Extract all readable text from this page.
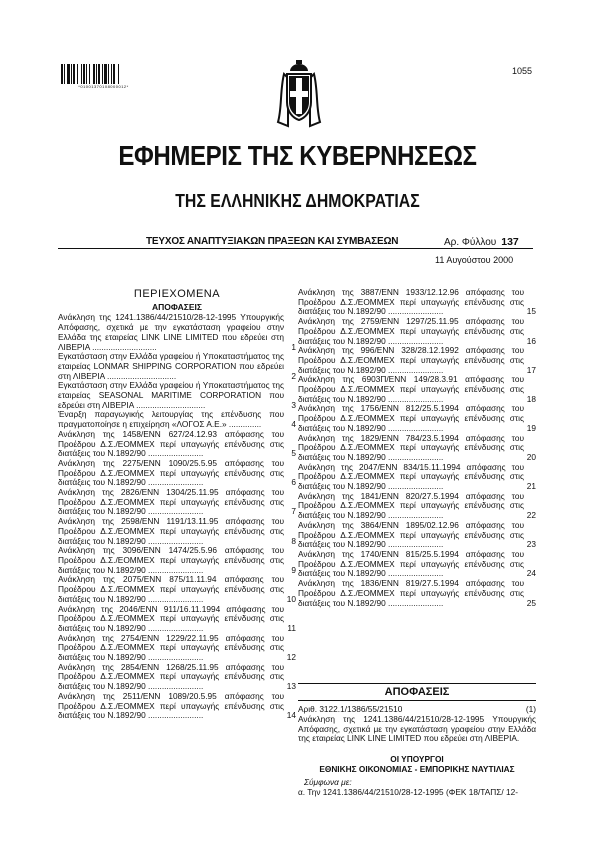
*01001370108000012*
1055
ΕΦΗΜΕΡΙΣ ΤΗΣ ΚΥΒΕΡΝΗΣΕΩΣ
ΤΗΣ ΕΛΛΗΝΙΚΗΣ ΔΗΜΟΚΡΑΤΙΑΣ
ΤΕΥΧΟΣ ΑΝΑΠΤΥΞΙΑΚΩΝ ΠΡΑΞΕΩΝ ΚΑΙ ΣΥΜΒΑΣΕΩΝ	Αρ. Φύλλου 137
11 Αυγούστου 2000
ΠΕΡΙΕΧΟΜΕΝΑ
ΑΠΟΦΑΣΕΙΣ
Ανάκληση της 1241.1386/44/21510/28-12-1995 Υπουργικής Απόφασης, σχετικά με την εγκατάσταση γραφείου στην Ελλάδα της εταιρείας LINK LINE LIMITED που εδρεύει στη ΛΙΒΕΡΙΑ ............................	1
Εγκατάσταση στην Ελλάδα γραφείου ή Υποκαταστήματος της εταιρείας LONMAR SHIPPING CORPORATION που εδρεύει στη ΛΙΒΕΡΙΑ ..............................	2
Εγκατάσταση στην Ελλάδα γραφείου ή Υποκαταστήματος της εταιρείας SEASONAL MARITIME CORPORATION που εδρεύει στη ΛΙΒΕΡΙΑ ..............................	3
Έναρξη παραγωγικής λειτουργίας της επένδυσης που πραγματοποίησε η επιχείρηση «ΛΟΓΟΣ Α.Ε.» ..............	4
Ανάκληση της 1458/ΕΝΝ 627/24.12.93 απόφασης του Προέδρου Δ.Σ./ΕΟΜΜΕΧ περί υπαγωγής επένδυσης στις διατάξεις του Ν.1892/90 ........................	5
Ανάκληση της 2275/ΕΝΝ 1090/25.5.95 απόφασης του Προέδρου Δ.Σ./ΕΟΜΜΕΧ περί υπαγωγής επένδυσης στις διατάξεις του Ν.1892/90 ........................	6
Ανάκληση της 2826/ΕΝΝ 1304/25.11.95 απόφασης του Προέδρου Δ.Σ./ΕΟΜΜΕΧ περί υπαγωγής επένδυσης στις διατάξεις του Ν.1892/90 ........................	7
Ανάκληση της 2598/ΕΝΝ 1191/13.11.95 απόφασης του Προέδρου Δ.Σ./ΕΟΜΜΕΧ περί υπαγωγής επένδυσης στις διατάξεις του Ν.1892/90 ........................	8
Ανάκληση της 3096/ΕΝΝ 1474/25.5.96 απόφασης του Προέδρου Δ.Σ./ΕΟΜΜΕΧ περί υπαγωγής επένδυσης στις διατάξεις του Ν.1892/90 ........................	9
Ανάκληση της 2075/ΕΝΝ 875/11.11.94 απόφασης του Προέδρου Δ.Σ./ΕΟΜΜΕΧ περί υπαγωγής επένδυσης στις διατάξεις του Ν.1892/90 ........................	10
Ανάκληση της 2046/ΕΝΝ 911/16.11.1994 απόφασης του Προέδρου Δ.Σ./ΕΟΜΜΕΧ περί υπαγωγής επένδυσης στις διατάξεις του Ν.1892/90 ........................	11
Ανάκληση της 2754/ΕΝΝ 1229/22.11.95 απόφασης του Προέδρου Δ.Σ./ΕΟΜΜΕΧ περί υπαγωγής επένδυσης στις διατάξεις του Ν.1892/90 ........................	12
Ανάκληση της 2854/ΕΝΝ 1268/25.11.95 απόφασης του Προέδρου Δ.Σ./ΕΟΜΜΕΧ περί υπαγωγής επένδυσης στις διατάξεις του Ν.1892/90 ........................	13
Ανάκληση της 2511/ΕΝΝ 1089/20.5.95 απόφασης του Προέδρου Δ.Σ./ΕΟΜΜΕΧ περί υπαγωγής επένδυσης στις διατάξεις του Ν.1892/90 ........................	14
Ανάκληση της 3887/ΕΝΝ 1933/12.12.96 απόφασης του Προέδρου Δ.Σ./ΕΟΜΜΕΧ περί υπαγωγής επένδυσης στις διατάξεις του Ν.1892/90 ........................	15
Ανάκληση της 2759/ΕΝΝ 1297/25.11.95 απόφασης του Προέδρου Δ.Σ./ΕΟΜΜΕΧ περί υπαγωγής επένδυσης στις διατάξεις του Ν.1892/90 ........................	16
Ανάκληση της 996/ΕΝΝ 328/28.12.1992 απόφασης του Προέδρου Δ.Σ./ΕΟΜΜΕΧ περί υπαγωγής επένδυσης στις διατάξεις του Ν.1892/90 ........................	17
Ανάκληση της 6903Π/ΕΝΝ 149/28.3.91 απόφασης του Προέδρου Δ.Σ./ΕΟΜΜΕΧ περί υπαγωγής επένδυσης στις διατάξεις του Ν.1892/90 ........................	18
Ανάκληση της 1756/ΕΝΝ 812/25.5.1994 απόφασης του Προέδρου Δ.Σ./ΕΟΜΜΕΧ περί υπαγωγής επένδυσης στις διατάξεις του Ν.1892/90 ........................	19
Ανάκληση της 1829/ΕΝΝ 784/23.5.1994 απόφασης του Προέδρου Δ.Σ./ΕΟΜΜΕΧ περί υπαγωγής επένδυσης στις διατάξεις του Ν.1892/90 ........................	20
Ανάκληση της 2047/ΕΝΝ 834/15.11.1994 απόφασης του Προέδρου Δ.Σ./ΕΟΜΜΕΧ περί υπαγωγής επένδυσης στις διατάξεις του Ν.1892/90 ........................	21
Ανάκληση της 1841/ΕΝΝ 820/27.5.1994 απόφασης του Προέδρου Δ.Σ./ΕΟΜΜΕΧ περί υπαγωγής επένδυσης στις διατάξεις του Ν.1892/90 ........................	22
Ανάκληση της 3864/ΕΝΝ 1895/02.12.96 απόφασης του Προέδρου Δ.Σ./ΕΟΜΜΕΧ περί υπαγωγής επένδυσης στις διατάξεις του Ν.1892/90 ........................	23
Ανάκληση της 1740/ΕΝΝ 815/25.5.1994 απόφασης του Προέδρου Δ.Σ./ΕΟΜΜΕΧ περί υπαγωγής επένδυσης στις διατάξεις του Ν.1892/90 ........................	24
Ανάκληση της 1836/ΕΝΝ 819/27.5.1994 απόφασης του Προέδρου Δ.Σ./ΕΟΜΜΕΧ περί υπαγωγής επένδυσης στις διατάξεις του Ν.1892/90 ........................	25
ΑΠΟΦΑΣΕΙΣ
Αριθ. 3122.1/1386/55/21510	(1)
Ανάκληση της 1241.1386/44/21510/28-12-1995 Υπουργικής Απόφασης, σχετικά με την εγκατάσταση γραφείου στην Ελλάδα της εταιρείας LINK LINE LIMITED που εδρεύει στη ΛΙΒΕΡΙΑ.
ΟΙ ΥΠΟΥΡΓΟΙ
ΕΘΝΙΚΗΣ ΟΙΚΟΝΟΜΙΑΣ - ΕΜΠΟΡΙΚΗΣ ΝΑΥΤΙΛΙΑΣ
Σύμφωνα με:
α. Την 1241.1386/44/21510/28-12-1995 (ΦΕΚ 18/ΤΑΠΣ/ 12-
